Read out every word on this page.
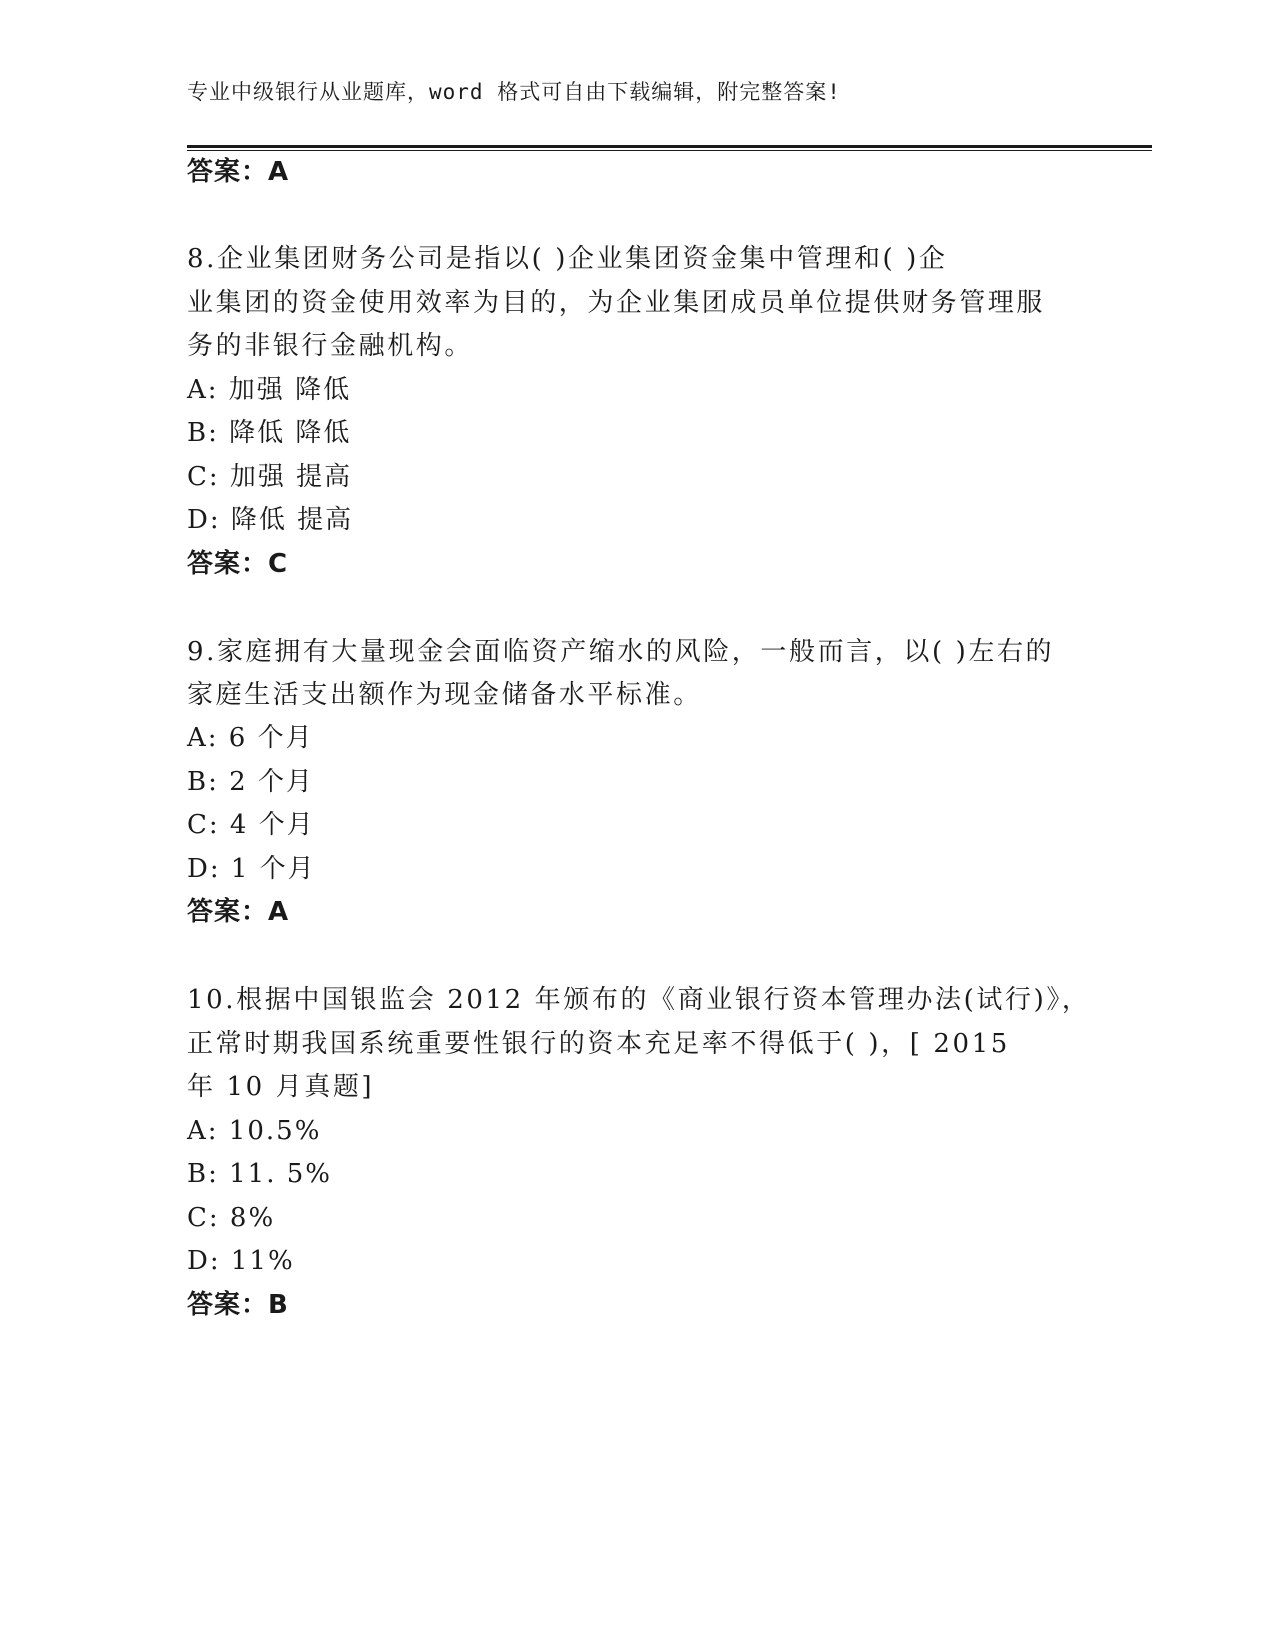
专业中级银行从业题库，word 格式可自由下载编辑，附完整答案!
答案：A
8.企业集团财务公司是指以( )企业集团资金集中管理和( )企
业集团的资金使用效率为目的，为企业集团成员单位提供财务管理服
务的非银行金融机构。
A: 加强 降低
B: 降低 降低
C: 加强 提高
D: 降低 提高
答案：C
9.家庭拥有大量现金会面临资产缩水的风险，一般而言，以( )左右的
家庭生活支出额作为现金储备水平标准。
A: 6 个月
B: 2 个月
C: 4 个月
D: 1 个月
答案：A
10.根据中国银监会 2012 年颁布的《商业银行资本管理办法(试行)》，
正常时期我国系统重要性银行的资本充足率不得低于( )，[ 2015
年 10 月真题]
A: 10.5%
B: 11. 5%
C: 8%
D: 11%
答案：B
